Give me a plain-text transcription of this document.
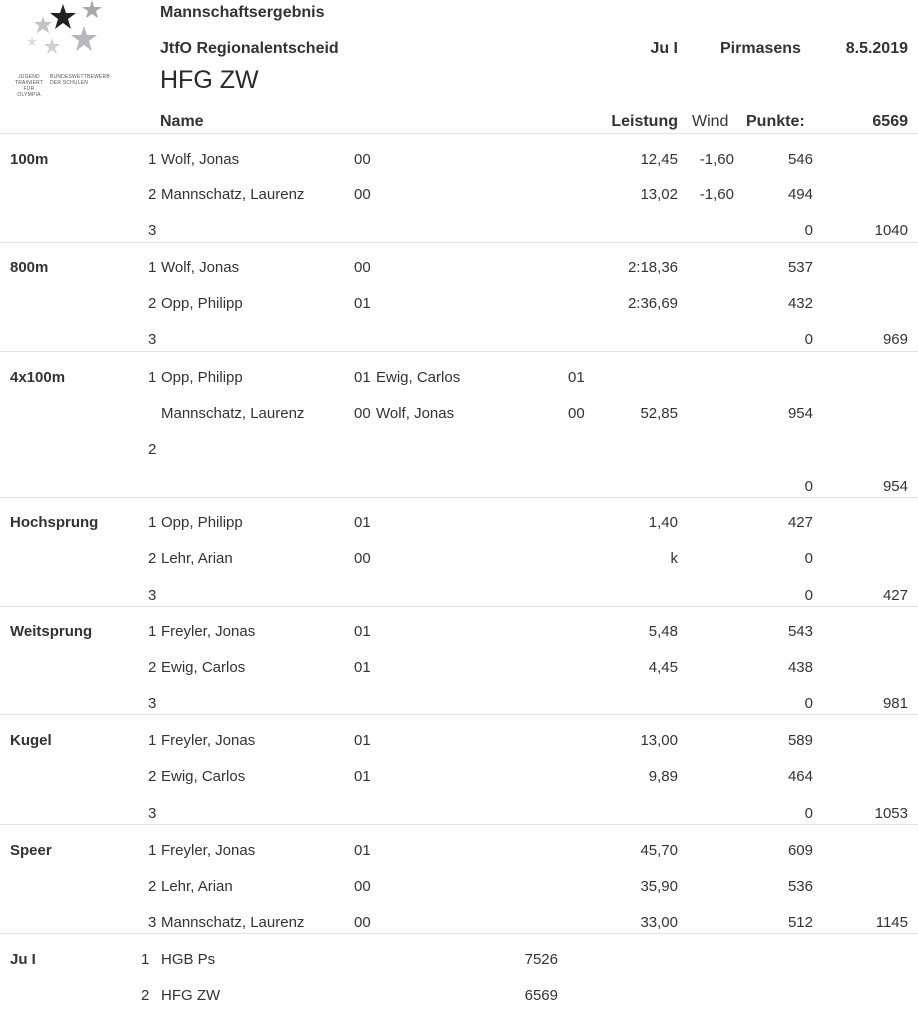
JUGEND
TRAINIERT
FÜR
OLYMPIA
BUNDESWETTBEWERB
DER SCHULEN
Mannschaftsergebnis
JtfO Regionalentscheid	Ju I	Pirmasens	8.5.2019
HFG ZW
Name	Leistung Wind Punkte:	6569
100m	1 Wolf, Jonas	00	12,45	-1,60	546
2 Mannschatz, Laurenz	00	13,02	-1,60	494
3	0	1040
800m	1 Wolf, Jonas	00	2:18,36	537
2 Opp, Philipp	01	2:36,69	432
3	0	969
4x100m	1 Opp, Philipp	01 Ewig, Carlos	01
Mannschatz, Laurenz	00 Wolf, Jonas	00	52,85	954
2
0	954
Hochsprung	1 Opp, Philipp	01	1,40	427
2 Lehr, Arian	00	k	0
3	0	427
Weitsprung	1 Freyler, Jonas	01	5,48	543
2 Ewig, Carlos	01	4,45	438
3	0	981
Kugel	1 Freyler, Jonas	01	13,00	589
2 Ewig, Carlos	01	9,89	464
3	0	1053
Speer	1 Freyler, Jonas	01	45,70	609
2 Lehr, Arian	00	35,90	536
3 Mannschatz, Laurenz	00	33,00	512	1145
Ju I	1 HGB Ps	7526
2 HFG ZW	6569
